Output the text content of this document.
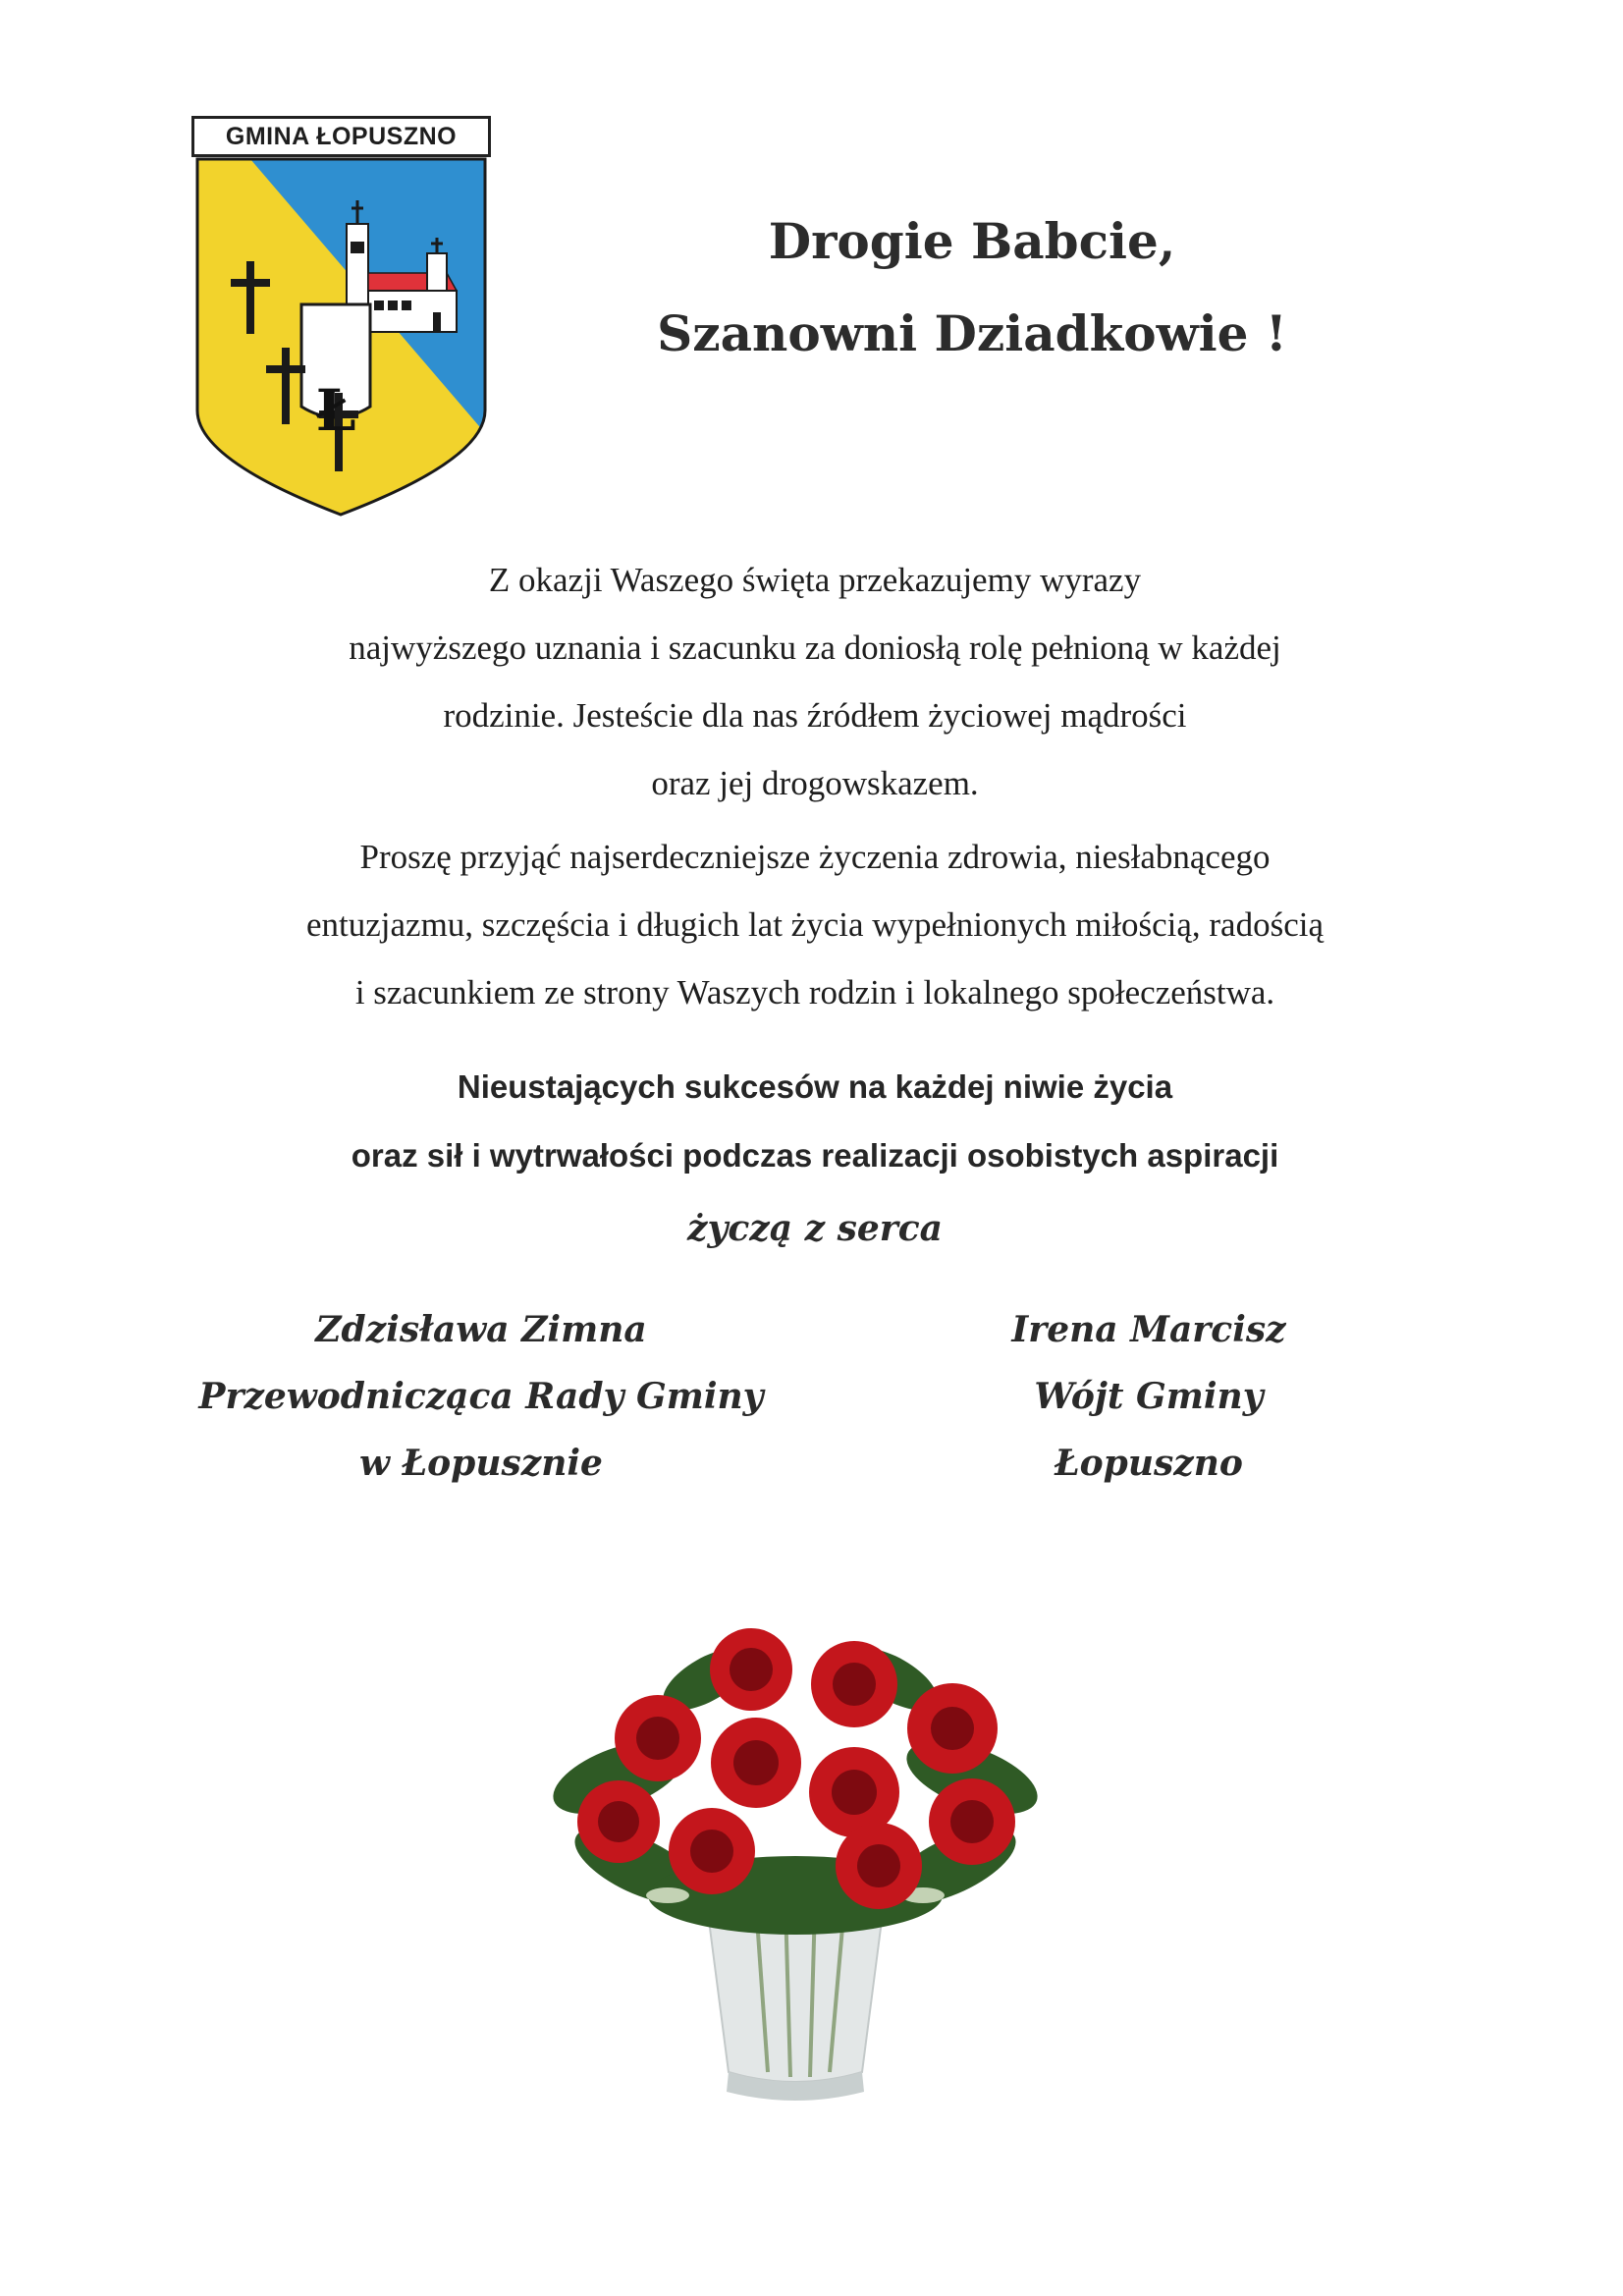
GMINA ŁOPUSZNO
Ł
Drogie Babcie,
Szanowni Dziadkowie !

Z okazji Waszego święta przekazujemy wyrazy
najwyższego uznania i szacunku za doniosłą rolę pełnioną w każdej
rodzinie. Jesteście dla nas źródłem życiowej mądrości
oraz jej drogowskazem.

Proszę przyjąć najserdeczniejsze życzenia zdrowia, niesłabnącego
entuzjazmu, szczęścia i długich lat życia wypełnionych miłością, radością
i szacunkiem ze strony Waszych rodzin i lokalnego społeczeństwa.

Nieustających sukcesów na każdej niwie życia
oraz sił i wytrwałości podczas realizacji osobistych aspiracji

życzą z serca

Zdzisława Zimna
Przewodnicząca Rady Gminy
w Łopusznie
Irena Marcisz
Wójt Gminy
Łopuszno
